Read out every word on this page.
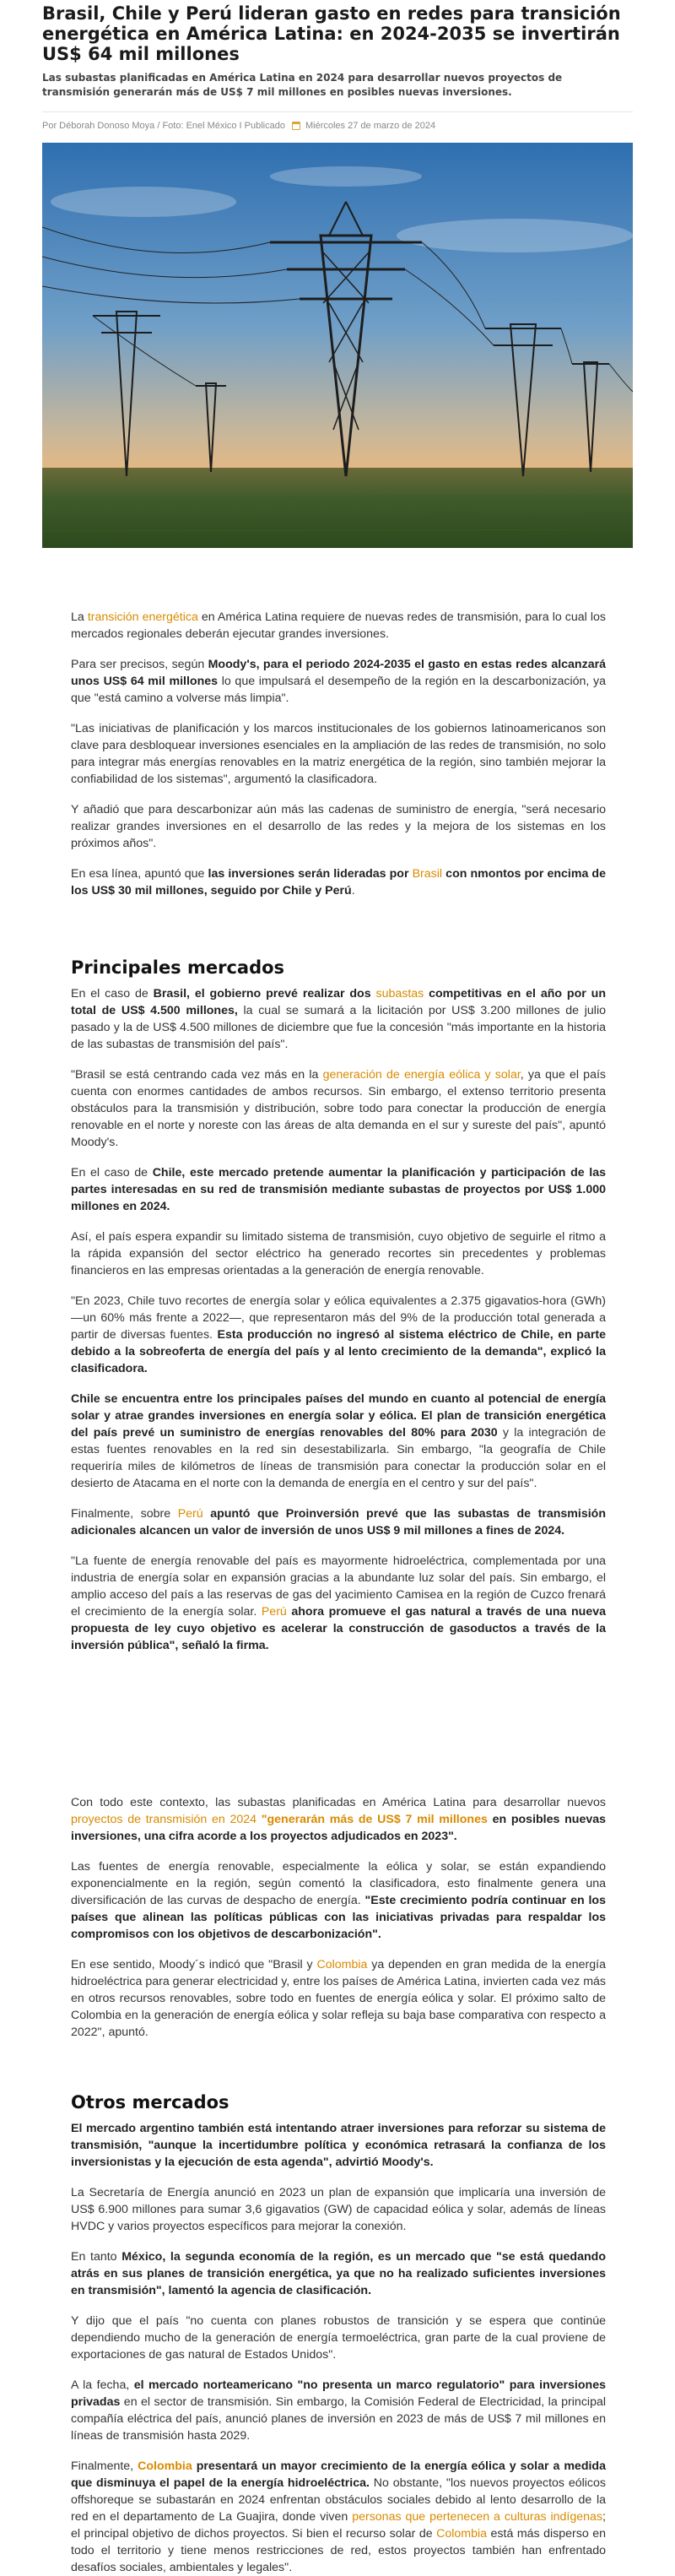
Brasil, Chile y Perú lideran gasto en redes para transición energética en América Latina: en 2024-2035 se invertirán US$ 64 mil millones

Las subastas planificadas en América Latina en 2024 para desarrollar nuevos proyectos de transmisión generarán más de US$ 7 mil millones en posibles nuevas inversiones.

Por Déborah Donoso Moya / Foto: Enel México I Publicado Miércoles 27 de marzo de 2024

La transición energética en América Latina requiere de nuevas redes de transmisión, para lo cual los mercados regionales deberán ejecutar grandes inversiones.

Para ser precisos, según Moody's, para el periodo 2024-2035 el gasto en estas redes alcanzará unos US$ 64 mil millones lo que impulsará el desempeño de la región en la descarbonización, ya que "está camino a volverse más limpia".

"Las iniciativas de planificación y los marcos institucionales de los gobiernos latinoamericanos son clave para desbloquear inversiones esenciales en la ampliación de las redes de transmisión, no solo para integrar más energías renovables en la matriz energética de la región, sino también mejorar la confiabilidad de los sistemas", argumentó la clasificadora.

Y añadió que para descarbonizar aún más las cadenas de suministro de energía, "será necesario realizar grandes inversiones en el desarrollo de las redes y la mejora de los sistemas en los próximos años".

En esa línea, apuntó que las inversiones serán lideradas por Brasil con nmontos por encima de los US$ 30 mil millones, seguido por Chile y Perú.

Principales mercados

En el caso de Brasil, el gobierno prevé realizar dos subastas competitivas en el año por un total de US$ 4.500 millones, la cual se sumará a la licitación por US$ 3.200 millones de julio pasado y la de US$ 4.500 millones de diciembre que fue la concesión "más importante en la historia de las subastas de transmisión del país".

"Brasil se está centrando cada vez más en la generación de energía eólica y solar, ya que el país cuenta con enormes cantidades de ambos recursos. Sin embargo, el extenso territorio presenta obstáculos para la transmisión y distribución, sobre todo para conectar la producción de energía renovable en el norte y noreste con las áreas de alta demanda en el sur y sureste del país", apuntó Moody's.

En el caso de Chile, este mercado pretende aumentar la planificación y participación de las partes interesadas en su red de transmisión mediante subastas de proyectos por US$ 1.000 millones en 2024.

Así, el país espera expandir su limitado sistema de transmisión, cuyo objetivo de seguirle el ritmo a la rápida expansión del sector eléctrico ha generado recortes sin precedentes y problemas financieros en las empresas orientadas a la generación de energía renovable.

"En 2023, Chile tuvo recortes de energía solar y eólica equivalentes a 2.375 gigavatios-hora (GWh) —un 60% más frente a 2022—, que representaron más del 9% de la producción total generada a partir de diversas fuentes. Esta producción no ingresó al sistema eléctrico de Chile, en parte debido a la sobreoferta de energía del país y al lento crecimiento de la demanda", explicó la clasificadora.

Chile se encuentra entre los principales países del mundo en cuanto al potencial de energía solar y atrae grandes inversiones en energía solar y eólica. El plan de transición energética del país prevé un suministro de energías renovables del 80% para 2030 y la integración de estas fuentes renovables en la red sin desestabilizarla. Sin embargo, "la geografía de Chile requeriría miles de kilómetros de líneas de transmisión para conectar la producción solar en el desierto de Atacama en el norte con la demanda de energía en el centro y sur del país".

Finalmente, sobre Perú apuntó que Proinversión prevé que las subastas de transmisión adicionales alcancen un valor de inversión de unos US$ 9 mil millones a fines de 2024.

"La fuente de energía renovable del país es mayormente hidroeléctrica, complementada por una industria de energía solar en expansión gracias a la abundante luz solar del país. Sin embargo, el amplio acceso del país a las reservas de gas del yacimiento Camisea en la región de Cuzco frenará el crecimiento de la energía solar. Perú ahora promueve el gas natural a través de una nueva propuesta de ley cuyo objetivo es acelerar la construcción de gasoductos a través de la inversión pública", señaló la firma.

Con todo este contexto, las subastas planificadas en América Latina para desarrollar nuevos proyectos de transmisión en 2024 "generarán más de US$ 7 mil millones en posibles nuevas inversiones, una cifra acorde a los proyectos adjudicados en 2023".

Las fuentes de energía renovable, especialmente la eólica y solar, se están expandiendo exponencialmente en la región, según comentó la clasificadora, esto finalmente genera una diversificación de las curvas de despacho de energía. "Este crecimiento podría continuar en los países que alinean las políticas públicas con las iniciativas privadas para respaldar los compromisos con los objetivos de descarbonización".

En ese sentido, Moody´s indicó que "Brasil y Colombia ya dependen en gran medida de la energía hidroeléctrica para generar electricidad y, entre los países de América Latina, invierten cada vez más en otros recursos renovables, sobre todo en fuentes de energía eólica y solar. El próximo salto de Colombia en la generación de energía eólica y solar refleja su baja base comparativa con respecto a 2022", apuntó.

Otros mercados

El mercado argentino también está intentando atraer inversiones para reforzar su sistema de transmisión, "aunque la incertidumbre política y económica retrasará la confianza de los inversionistas y la ejecución de esta agenda", advirtió Moody's.

La Secretaría de Energía anunció en 2023 un plan de expansión que implicaría una inversión de US$ 6.900 millones para sumar 3,6 gigavatios (GW) de capacidad eólica y solar, además de líneas HVDC y varios proyectos específicos para mejorar la conexión.

En tanto México, la segunda economía de la región, es un mercado que "se está quedando atrás en sus planes de transición energética, ya que no ha realizado suficientes inversiones en transmisión", lamentó la agencia de clasificación.

Y dijo que el país "no cuenta con planes robustos de transición y se espera que continúe dependiendo mucho de la generación de energía termoeléctrica, gran parte de la cual proviene de exportaciones de gas natural de Estados Unidos".

A la fecha, el mercado norteamericano "no presenta un marco regulatorio" para inversiones privadas en el sector de transmisión. Sin embargo, la Comisión Federal de Electricidad, la principal compañía eléctrica del país, anunció planes de inversión en 2023 de más de US$ 7 mil millones en líneas de transmisión hasta 2029.

Finalmente, Colombia presentará un mayor crecimiento de la energía eólica y solar a medida que disminuya el papel de la energía hidroeléctrica. No obstante, "los nuevos proyectos eólicos offshoreque se subastarán en 2024 enfrentan obstáculos sociales debido al lento desarrollo de la red en el departamento de La Guajira, donde viven personas que pertenecen a culturas indígenas; el principal objetivo de dichos proyectos. Si bien el recurso solar de Colombia está más disperso en todo el territorio y tiene menos restricciones de red, estos proyectos también han enfrentado desafíos sociales, ambientales y legales".
